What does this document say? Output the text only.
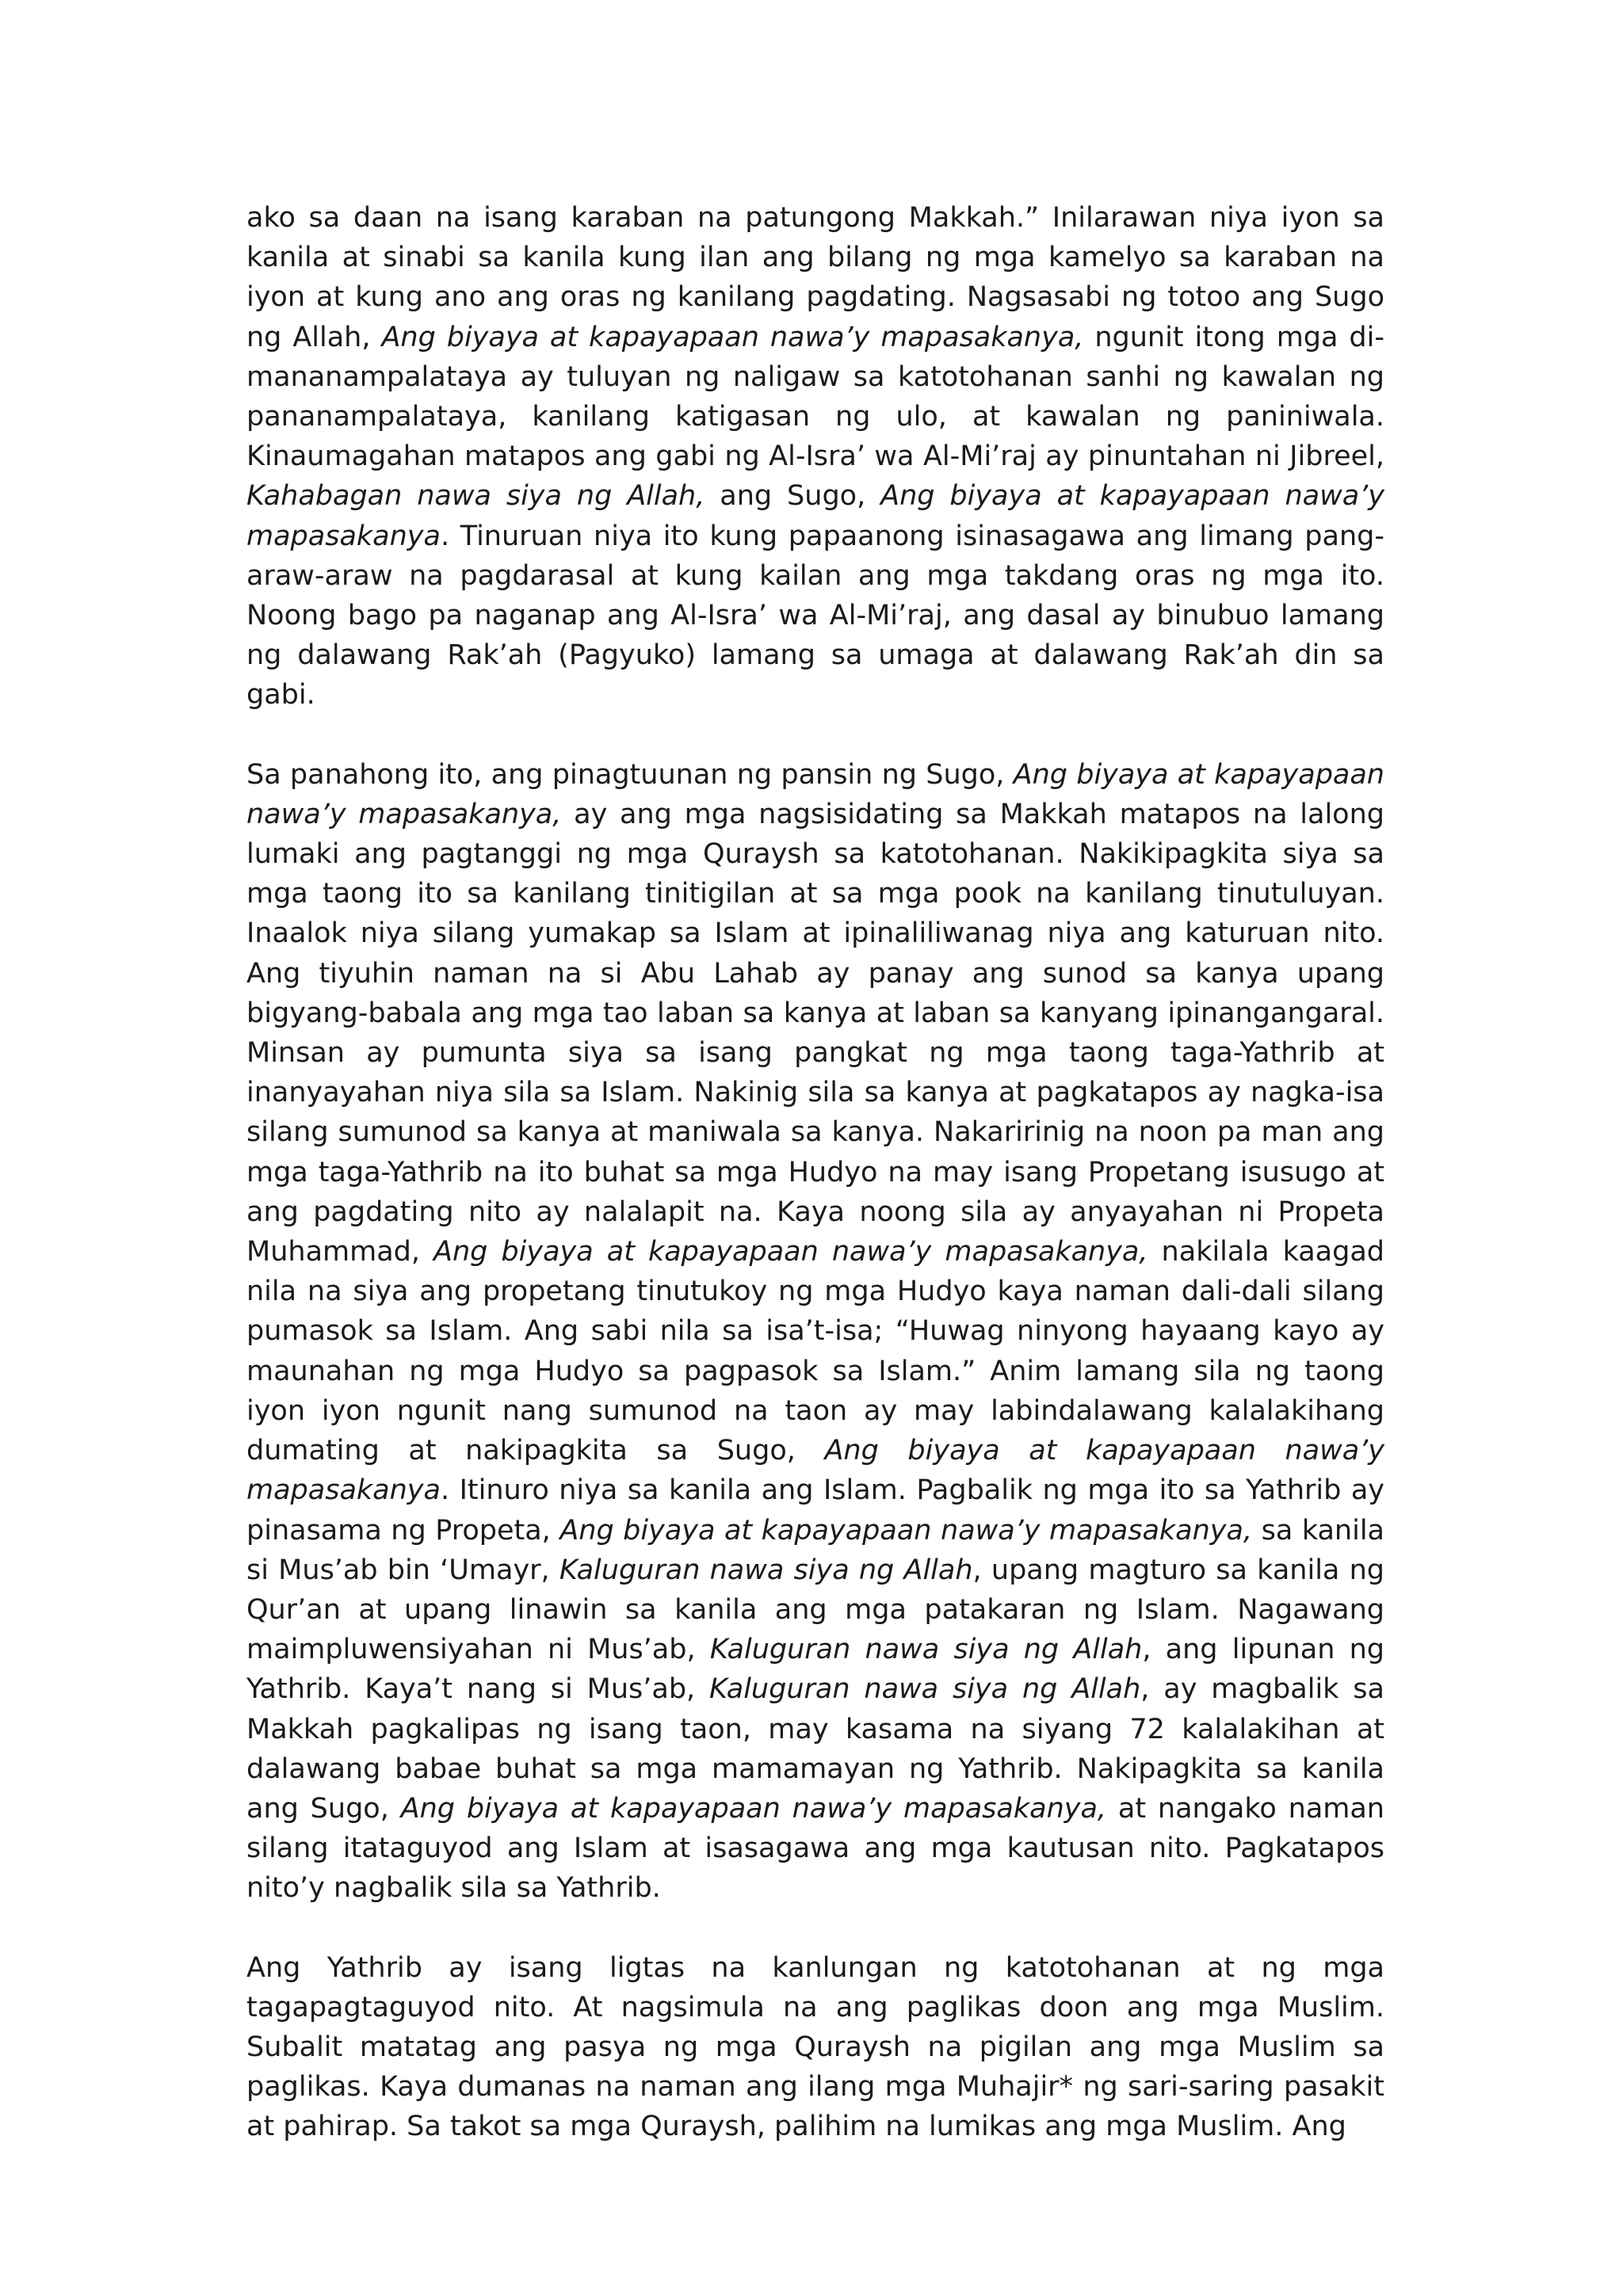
ako sa daan na isang karaban na patungong Makkah.” Inilarawan niya iyon sa kanila at sinabi sa kanila kung ilan ang bilang ng mga kamelyo sa karaban na iyon at kung ano ang oras ng kanilang pagdating. Nagsasabi ng totoo ang Sugo ng Allah, Ang biyaya at kapayapaan nawa’y mapasakanya, ngunit itong mga di-mananampalataya ay tuluyan ng naligaw sa katotohanan sanhi ng kawalan ng pananampalataya, kanilang katigasan ng ulo, at kawalan ng paniniwala. Kinaumagahan matapos ang gabi ng Al-Isra’ wa Al-Mi’raj ay pinuntahan ni Jibreel, Kahabagan nawa siya ng Allah, ang Sugo, Ang biyaya at kapayapaan nawa’y mapasakanya. Tinuruan niya ito kung papaanong isinasagawa ang limang pang-araw-araw na pagdarasal at kung kailan ang mga takdang oras ng mga ito. Noong bago pa naganap ang Al-Isra’ wa Al-Mi’raj, ang dasal ay binubuo lamang ng dalawang Rak’ah (Pagyuko) lamang sa umaga at dalawang Rak’ah din sa gabi.

Sa panahong ito, ang pinagtuunan ng pansin ng Sugo, Ang biyaya at kapayapaan nawa’y mapasakanya, ay ang mga nagsisidating sa Makkah matapos na lalong lumaki ang pagtanggi ng mga Quraysh sa katotohanan. Nakikipagkita siya sa mga taong ito sa kanilang tinitigilan at sa mga pook na kanilang tinutuluyan. Inaalok niya silang yumakap sa Islam at ipinaliliwanag niya ang katuruan nito. Ang tiyuhin naman na si Abu Lahab ay panay ang sunod sa kanya upang bigyang-babala ang mga tao laban sa kanya at laban sa kanyang ipinangangaral. Minsan ay pumunta siya sa isang pangkat ng mga taong taga-Yathrib at inanyayahan niya sila sa Islam. Nakinig sila sa kanya at pagkatapos ay nagka-isa silang sumunod sa kanya at maniwala sa kanya. Nakaririnig na noon pa man ang mga taga-Yathrib na ito buhat sa mga Hudyo na may isang Propetang isusugo at ang pagdating nito ay nalalapit na. Kaya noong sila ay anyayahan ni Propeta Muhammad, Ang biyaya at kapayapaan nawa’y mapasakanya, nakilala kaagad nila na siya ang propetang tinutukoy ng mga Hudyo kaya naman dali-dali silang pumasok sa Islam. Ang sabi nila sa isa’t-isa; “Huwag ninyong hayaang kayo ay maunahan ng mga Hudyo sa pagpasok sa Islam.” Anim lamang sila ng taong iyon iyon ngunit nang sumunod na taon ay may labindalawang kalalakihang dumating at nakipagkita sa Sugo, Ang biyaya at kapayapaan nawa’y mapasakanya. Itinuro niya sa kanila ang Islam. Pagbalik ng mga ito sa Yathrib ay pinasama ng Propeta, Ang biyaya at kapayapaan nawa’y mapasakanya, sa kanila si Mus’ab bin ‘Umayr, Kaluguran nawa siya ng Allah, upang magturo sa kanila ng Qur’an at upang linawin sa kanila ang mga patakaran ng Islam. Nagawang maimpluwensiyahan ni Mus’ab, Kaluguran nawa siya ng Allah, ang lipunan ng Yathrib. Kaya’t nang si Mus’ab, Kaluguran nawa siya ng Allah, ay magbalik sa Makkah pagkalipas ng isang taon, may kasama na siyang 72 kalalakihan at dalawang babae buhat sa mga mamamayan ng Yathrib. Nakipagkita sa kanila ang Sugo, Ang biyaya at kapayapaan nawa’y mapasakanya, at nangako naman silang itataguyod ang Islam at isasagawa ang mga kautusan nito. Pagkatapos nito’y nagbalik sila sa Yathrib.

Ang Yathrib ay isang ligtas na kanlungan ng katotohanan at ng mga tagapagtaguyod nito. At nagsimula na ang paglikas doon ang mga Muslim. Subalit matatag ang pasya ng mga Quraysh na pigilan ang mga Muslim sa paglikas. Kaya dumanas na naman ang ilang mga Muhajir* ng sari-saring pasakit at pahirap. Sa takot sa mga Quraysh, palihim na lumikas ang mga Muslim. Ang
